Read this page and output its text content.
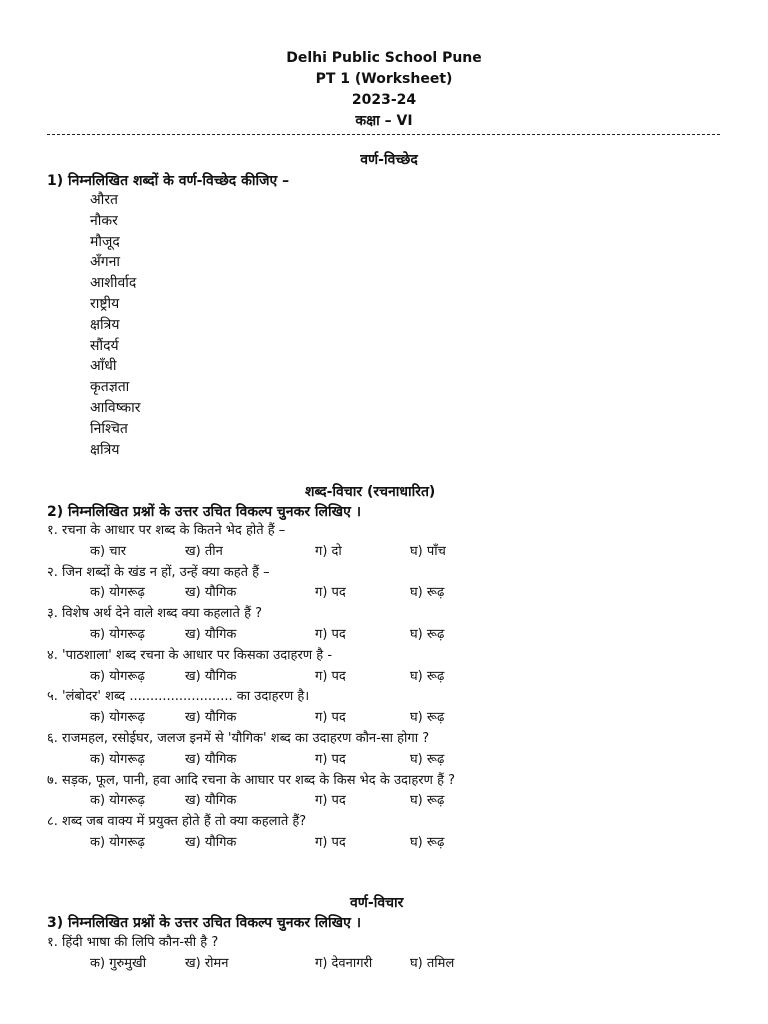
Delhi Public School Pune
PT 1 (Worksheet)
2023-24
कक्षा – VI
वर्ण-विच्छेद
1) निम्नलिखित शब्दों के वर्ण-विच्छेद कीजिए –
औरत
नौकर
मौजूद
अँगना
आशीर्वाद
राष्ट्रीय
क्षत्रिय
सौंदर्य
आँधी
कृतज्ञता
आविष्कार
निश्चित
क्षत्रिय
शब्द-विचार (रचनाधारित)
2) निम्नलिखित प्रश्नों के उत्तर उचित विकल्प चुनकर लिखिए ।
१. रचना के आधार पर शब्द के कितने भेद होते हैं –
क) चार	ख) तीन	ग) दो	घ) पाँच
२. जिन शब्दों के खंड न हों, उन्हें क्या कहते हैं –
क) योगरूढ़	ख) यौगिक	ग) पद	घ) रूढ़
३. विशेष अर्थ देने वाले शब्द क्या कहलाते हैं ?
क) योगरूढ़	ख) यौगिक	ग) पद	घ) रूढ़
४. 'पाठशाला' शब्द रचना के आधार पर किसका उदाहरण है -
क) योगरूढ़	ख) यौगिक	ग) पद	घ) रूढ़
५. 'लंबोदर' शब्द ......................... का उदाहरण है।
क) योगरूढ़	ख) यौगिक	ग) पद	घ) रूढ़
६. राजमहल, रसोईघर, जलज इनमें से 'यौगिक' शब्द का उदाहरण कौन-सा होगा ?
क) योगरूढ़	ख) यौगिक	ग) पद	घ) रूढ़
७. सड़क, फूल, पानी, हवा आदि रचना के आघार पर शब्द के किस भेद के उदाहरण हैं ?
क) योगरूढ़	ख) यौगिक	ग) पद	घ) रूढ़
८. शब्द जब वाक्य में प्रयुक्त होते हैं तो क्या कहलाते हैं?
क) योगरूढ़	ख) यौगिक	ग) पद	घ) रूढ़
वर्ण-विचार
3) निम्नलिखित प्रश्नों के उत्तर उचित विकल्प चुनकर लिखिए ।
१. हिंदी भाषा की लिपि कौन-सी है ?
क) गुरुमुखी	ख) रोमन	ग) देवनागरी	घ) तमिल
